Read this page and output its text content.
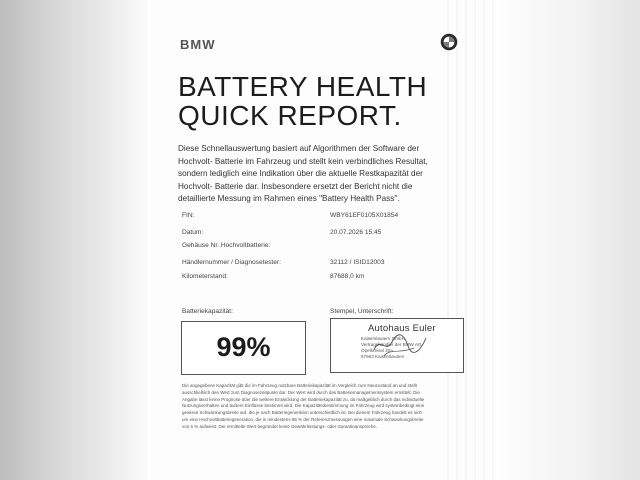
BMW
BATTERY HEALTH
QUICK REPORT.
Diese Schnellauswertung basiert auf Algorithmen der Software der
Hochvolt- Batterie im Fahrzeug und stellt kein verbindliches Resultat,
sondern lediglich eine Indikation über die aktuelle Restkapazität der
Hochvolt- Batterie dar. Insbesondere ersetzt der Bericht nicht die
detaillierte Messung im Rahmen eines "Battery Health Pass".
FIN:	WBY61EF0105X01854
Datum:	20.07.2026 15:45
Gehäuse Nr. Hochvoltbatterie:
Händlernummer / Diagnosetester:	32112 / ISID12003
Kilometerstand:	87688,0 km
Batteriekapazität:	Stempel, Unterschrift:
99%
Autohaus Euler
Kaiserslautern GmbH
Vertragshändler der BMW AG
Opelkreisel 20a
67663 Kaiserslautern
Die angegebene Kapazität gibt die im Fahrzeug nutzbare Batteriekapazität im Vergleich zum Neuzustand an und stellt
ausschließlich den Wert zum Diagnosezeitpunkt dar. Der Wert wird durch das Batteriemanagementsystem ermittelt. Die
Angabe lässt keine Prognose über die weitere Entwicklung der Batteriekapazität zu, da maßgeblich durch das individuelle
Nutzungsverhalten und äußere Einflüsse bestimmt wird. Die Kapazitätsbestimmung im Fahrzeug wird systembedingt eine
gewisse Schwankungsbreite auf, die je nach Batteriegeneration unterschiedlich ist. Bei diesem Fahrzeug handelt es sich
um eine Hochvoltbatteriegeneration, die in mindestens 95 % der Referenzmessungen eine maximale Schwankungsbreite
von 5 % aufweist. Der ermittelte Wert begründet keine Gewährleistungs- oder Garantieansprüche.
